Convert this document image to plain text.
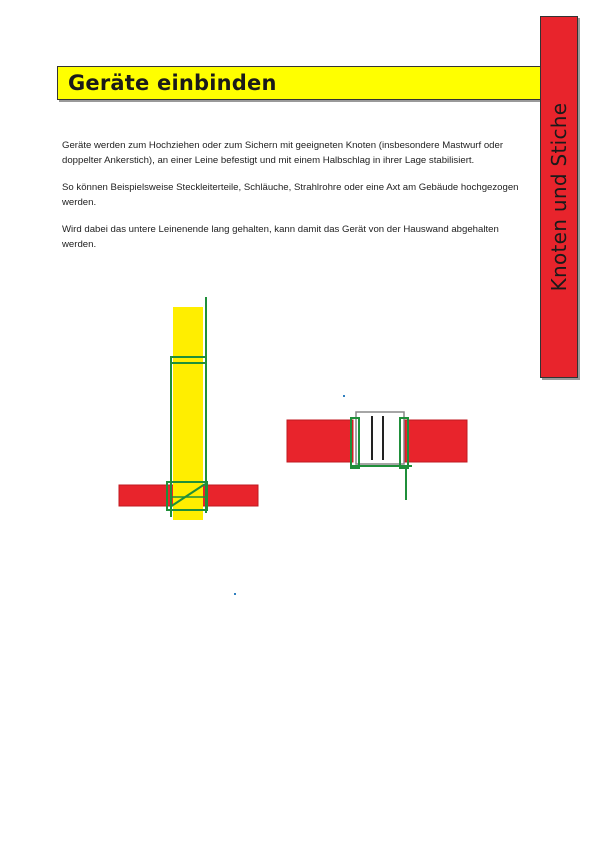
Geräte einbinden
Knoten und Stiche

Geräte werden zum Hochziehen oder zum Sichern mit geeigneten Knoten (insbesondere Mastwurf oder doppelter Ankerstich), an einer Leine befestigt und mit einem Halbschlag in ihrer Lage stabilisiert.

So können Beispielsweise Steckleiterteile, Schläuche, Strahlrohre oder eine Axt am Gebäude hochgezogen werden.

Wird dabei das untere Leinenende lang gehalten, kann damit das Gerät von der Hauswand abgehalten werden.
